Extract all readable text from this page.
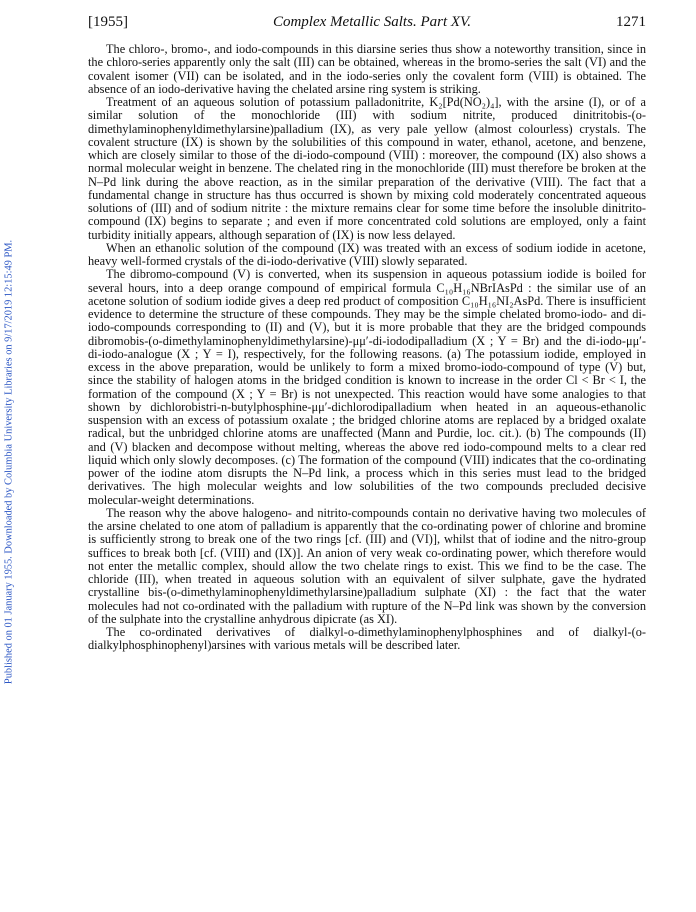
Published on 01 January 1955. Downloaded by Columbia University Libraries on 9/17/2019 12:15:49 PM.
[1955]	Complex Metallic Salts. Part XV.	1271

The chloro-, bromo-, and iodo-compounds in this diarsine series thus show a noteworthy transition, since in the chloro-series apparently only the salt (III) can be obtained, whereas in the bromo-series the salt (VI) and the covalent isomer (VII) can be isolated, and in the iodo-series only the covalent form (VIII) is obtained. The absence of an iodo-derivative having the chelated arsine ring system is striking.

Treatment of an aqueous solution of potassium palladonitrite, K₂[Pd(NO₂)₄], with the arsine (I), or of a similar solution of the monochloride (III) with sodium nitrite, produced dinitritobis-(o-dimethylaminophenyldimethylarsine)palladium (IX), as very pale yellow (almost colourless) crystals. The covalent structure (IX) is shown by the solubilities of this compound in water, ethanol, acetone, and benzene, which are closely similar to those of the di-iodo-compound (VIII) : moreover, the compound (IX) also shows a normal molecular weight in benzene. The chelated ring in the monochloride (III) must therefore be broken at the N–Pd link during the above reaction, as in the similar preparation of the derivative (VIII). The fact that a fundamental change in structure has thus occurred is shown by mixing cold moderately concentrated aqueous solutions of (III) and of sodium nitrite : the mixture remains clear for some time before the insoluble dinitrito-compound (IX) begins to separate ; and even if more concentrated cold solutions are employed, only a faint turbidity initially appears, although separation of (IX) is now less delayed.

When an ethanolic solution of the compound (IX) was treated with an excess of sodium iodide in acetone, heavy well-formed crystals of the di-iodo-derivative (VIII) slowly separated.

The dibromo-compound (V) is converted, when its suspension in aqueous potassium iodide is boiled for several hours, into a deep orange compound of empirical formula C₁₀H₁₆NBrIAsPd : the similar use of an acetone solution of sodium iodide gives a deep red product of composition C₁₀H₁₆NI₂AsPd. There is insufficient evidence to determine the structure of these compounds. They may be the simple chelated bromo-iodo- and di-iodo-compounds corresponding to (II) and (V), but it is more probable that they are the bridged compounds dibromobis-(o-dimethylaminophenyldimethylarsine)-μμ′-di-iododipalladium (X ; Y = Br) and the di-iodo-μμ′-di-iodo-analogue (X ; Y = I), respectively, for the following reasons. (a) The potassium iodide, employed in excess in the above preparation, would be unlikely to form a mixed bromo-iodo-compound of type (V) but, since the stability of halogen atoms in the bridged condition is known to increase in the order Cl < Br < I, the formation of the compound (X ; Y = Br) is not unexpected. This reaction would have some analogies to that shown by dichlorobistri-n-butylphosphine-μμ′-dichlorodipalladium when heated in an aqueous-ethanolic suspension with an excess of potassium oxalate ; the bridged chlorine atoms are replaced by a bridged oxalate radical, but the unbridged chlorine atoms are unaffected (Mann and Purdie, loc. cit.). (b) The compounds (II) and (V) blacken and decompose without melting, whereas the above red iodo-compound melts to a clear red liquid which only slowly decomposes. (c) The formation of the compound (VIII) indicates that the co-ordinating power of the iodine atom disrupts the N–Pd link, a process which in this series must lead to the bridged derivatives. The high molecular weights and low solubilities of the two compounds precluded decisive molecular-weight determinations.

The reason why the above halogeno- and nitrito-compounds contain no derivative having two molecules of the arsine chelated to one atom of palladium is apparently that the co-ordinating power of chlorine and bromine is sufficiently strong to break one of the two rings [cf. (III) and (VI)], whilst that of iodine and the nitro-group suffices to break both [cf. (VIII) and (IX)]. An anion of very weak co-ordinating power, which therefore would not enter the metallic complex, should allow the two chelate rings to exist. This we find to be the case. The chloride (III), when treated in aqueous solution with an equivalent of silver sulphate, gave the hydrated crystalline bis-(o-dimethylaminophenyldimethylarsine)palladium sulphate (XI) : the fact that the water molecules had not co-ordinated with the palladium with rupture of the N–Pd link was shown by the conversion of the sulphate into the crystalline anhydrous dipicrate (as XI).

The co-ordinated derivatives of dialkyl-o-dimethylaminophenylphosphines and of dialkyl-(o-dialkylphosphinophenyl)arsines with various metals will be described later.
